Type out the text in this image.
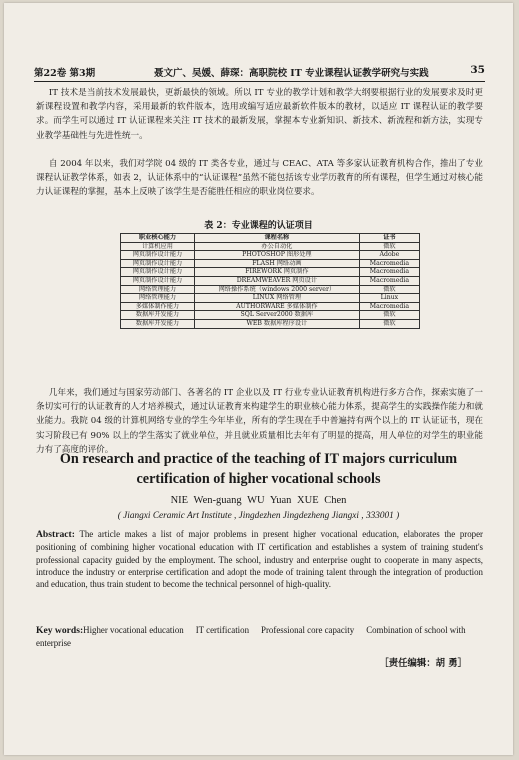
第22卷 第3期	聂文广、吴媛、薛琛：高职院校 IT 专业课程认证教学研究与实践	35

IT 技术是当前技术发展最快，更新最快的领域。所以 IT 专业的教学计划和教学大纲要根据行业的发展要求及时更新课程设置和教学内容，采用最新的软件版本，选用或编写适应最新软件版本的教材，以适应 IT 课程认证的教学要求。而学生可以通过 IT 认证课程来关注 IT 技术的最新发展，掌握本专业新知识、新技术、新流程和新方法，实现专业教学基础性与先进性统一。

自 2004 年以来，我们对学院 04 级的 IT 类各专业，通过与 CEAC、ATA 等多家认证教育机构合作，推出了专业课程认证教学体系，如表 2，认证体系中的“认证课程”虽然不能包括该专业学历教育的所有课程，但学生通过对核心能力认证课程的掌握，基本上反映了该学生是否能胜任相应的职业岗位要求。

表 2：专业课程的认证项目
职业核心能力	课程名称	证书
计算机应用	办公自动化	微软
网页制作设计能力	PHOTOSHOP 图形处理	Adobe
网页制作设计能力	FLASH 网络动画	Macromedia
网页制作设计能力	FIREWORK 网页制作	Macromedia
网页制作设计能力	DREAMWEAVER 网页设计	Macromedia
网络管理能力	网络操作系统（windows 2000 server）	微软
网络管理能力	LINUX 网络管理	Linux
多媒体制作能力	AUTHORWARE 多媒体制作	Macromedia
数据库开发能力	SQL Server2000 数据库	微软
数据库开发能力	WEB 数据库程序设计	微软

几年来，我们通过与国家劳动部门、各著名的 IT 企业以及 IT 行业专业认证教育机构进行多方合作，探索实施了一条切实可行的认证教育的人才培养模式，通过认证教育来构建学生的职业核心能力体系，提高学生的实践操作能力和就业能力。我院 04 级的计算机网络专业的学生今年毕业，所有的学生现在手中普遍持有两个以上的 IT 认证证书，现在实习阶段已有 90% 以上的学生落实了就业单位，并且就业质量相比去年有了明显的提高，用人单位的对学生的职业能力有了高度的评价。

On research and practice of the teaching of IT majors curriculum certification of higher vocational schools
NIE Wen-guang WU Yuan XUE Chen
( Jiangxi Ceramic Art Institute , Jingdezhen Jingdezheng Jiangxi , 333001 )

Abstract: The article makes a list of major problems in present higher vocational education, elaborates the proper positioning of combining higher vocational education with IT certification and establishes a system of training student's professional capacity guided by the employment. The school, industry and enterprise ought to cooperate in many aspects, introduce the industry or enterprise certification and adopt the mode of training talent through the integration of production and education, thus train student to become the technical personnel of high-quality.

Key words:Higher vocational education IT certification Professional core capacity Combination of school with enterprise

［责任编辑：胡 勇］
